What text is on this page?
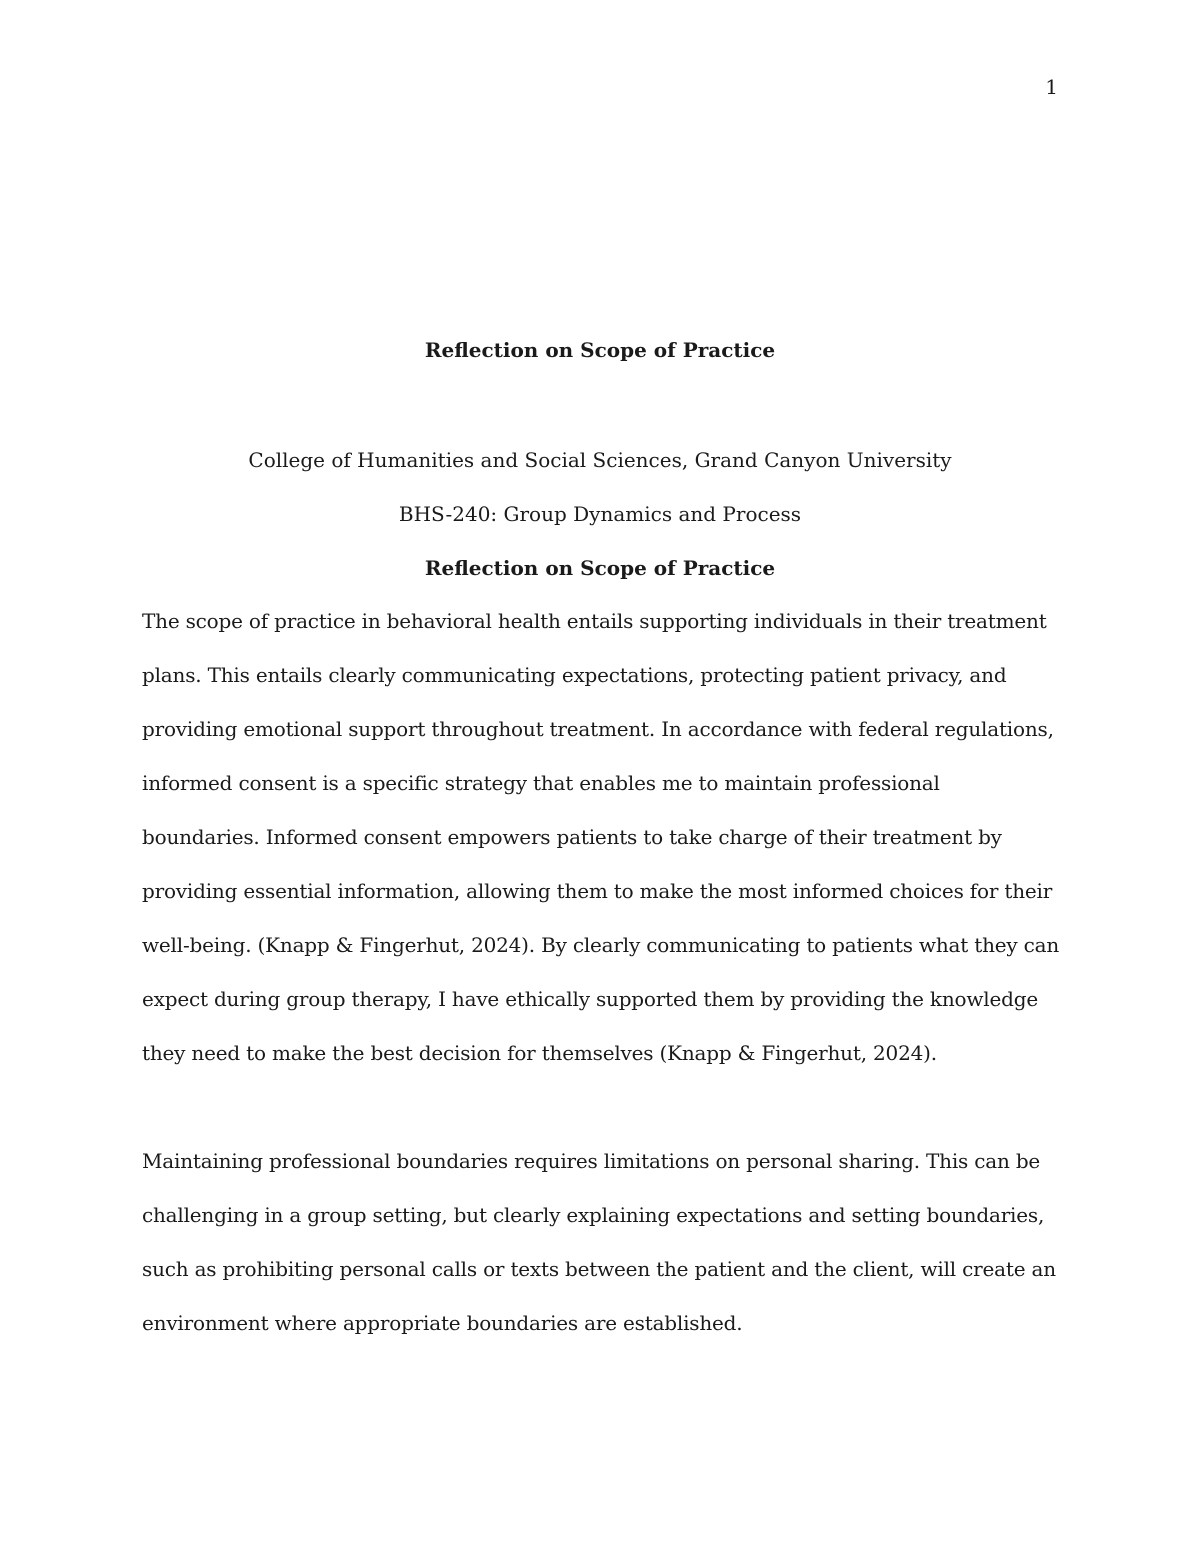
1
Reflection on Scope of Practice
College of Humanities and Social Sciences, Grand Canyon University
BHS-240: Group Dynamics and Process
Reflection on Scope of Practice

The scope of practice in behavioral health entails supporting individuals in their treatment plans. This entails clearly communicating expectations, protecting patient privacy, and providing emotional support throughout treatment. In accordance with federal regulations, informed consent is a specific strategy that enables me to maintain professional boundaries. Informed consent empowers patients to take charge of their treatment by providing essential information, allowing them to make the most informed choices for their well-being. (Knapp & Fingerhut, 2024). By clearly communicating to patients what they can expect during group therapy, I have ethically supported them by providing the knowledge they need to make the best decision for themselves (Knapp & Fingerhut, 2024).

Maintaining professional boundaries requires limitations on personal sharing. This can be challenging in a group setting, but clearly explaining expectations and setting boundaries, such as prohibiting personal calls or texts between the patient and the client, will create an environment where appropriate boundaries are established.
